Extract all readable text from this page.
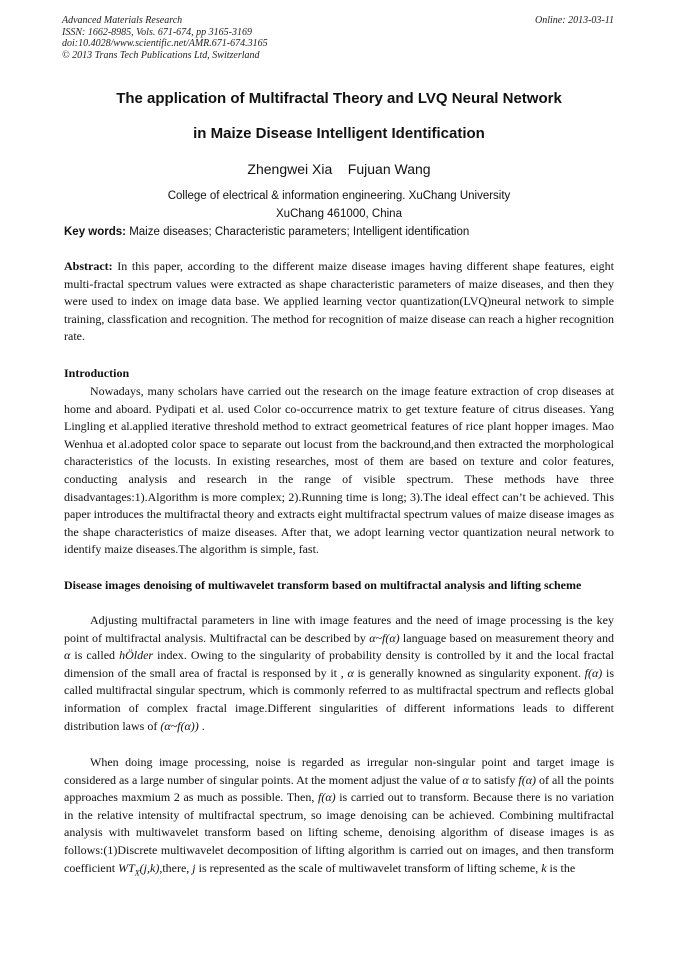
Advanced Materials Research
ISSN: 1662-8985, Vols. 671-674, pp 3165-3169
doi:10.4028/www.scientific.net/AMR.671-674.3165
© 2013 Trans Tech Publications Ltd, Switzerland
Online: 2013-03-11
The application of Multifractal Theory and LVQ Neural Network
in Maize Disease Intelligent Identification
Zhengwei Xia    Fujuan Wang
College of electrical & information engineering. XuChang University
XuChang 461000, China
Key words: Maize diseases; Characteristic parameters; Intelligent identification

Abstract: In this paper, according to the different maize disease images having different shape features, eight multi-fractal spectrum values were extracted as shape characteristic parameters of maize diseases, and then they were used to index on image data base. We applied learning vector quantization(LVQ)neural network to simple training, classfication and recognition. The method for recognition of maize disease can reach a higher recognition rate.

Introduction

Nowadays, many scholars have carried out the research on the image feature extraction of crop diseases at home and aboard. Pydipati et al. used Color co-occurrence matrix to get texture feature of citrus diseases. Yang Lingling et al.applied iterative threshold method to extract geometrical features of rice plant hopper images. Mao Wenhua et al.adopted color space to separate out locust from the backround,and then extracted the morphological characteristics of the locusts. In existing researches, most of them are based on texture and color features, conducting analysis and research in the range of visible spectrum. These methods have three disadvantages:1).Algorithm is more complex; 2).Running time is long; 3).The ideal effect can’t be achieved. This paper introduces the multifractal theory and extracts eight multifractal spectrum values of maize disease images as the shape characteristics of maize diseases. After that, we adopt learning vector quantization neural network to identify maize diseases.The algorithm is simple, fast.

Disease images denoising of multiwavelet transform based on multifractal analysis and lifting scheme

Adjusting multifractal parameters in line with image features and the need of image processing is the key point of multifractal analysis. Multifractal can be described by α~f(α) language based on measurement theory and α is called hÖlder index. Owing to the singularity of probability density is controlled by it and the local fractal dimension of the small area of fractal is responsed by it , α is generally knowned as singularity exponent. f(α) is called multifractal singular spectrum, which is commonly referred to as multifractal spectrum and reflects global information of complex fractal image.Different singularities of different informations leads to different distribution laws of (α~f(α)) .

When doing image processing, noise is regarded as irregular non-singular point and target image is considered as a large number of singular points. At the moment adjust the value of α to satisfy f(α) of all the points approaches maxmium 2 as much as possible. Then, f(α) is carried out to transform. Because there is no variation in the relative intensity of multifractal spectrum, so image denoising can be achieved. Combining multifractal analysis with multiwavelet transform based on lifting scheme, denoising algorithm of disease images is as follows:(1)Discrete multiwavelet decomposition of lifting algorithm is carried out on images, and then transform coefficient $WT_X(j,k),there$, j is represented as the scale of multiwavelet transform of lifting scheme, k is the
